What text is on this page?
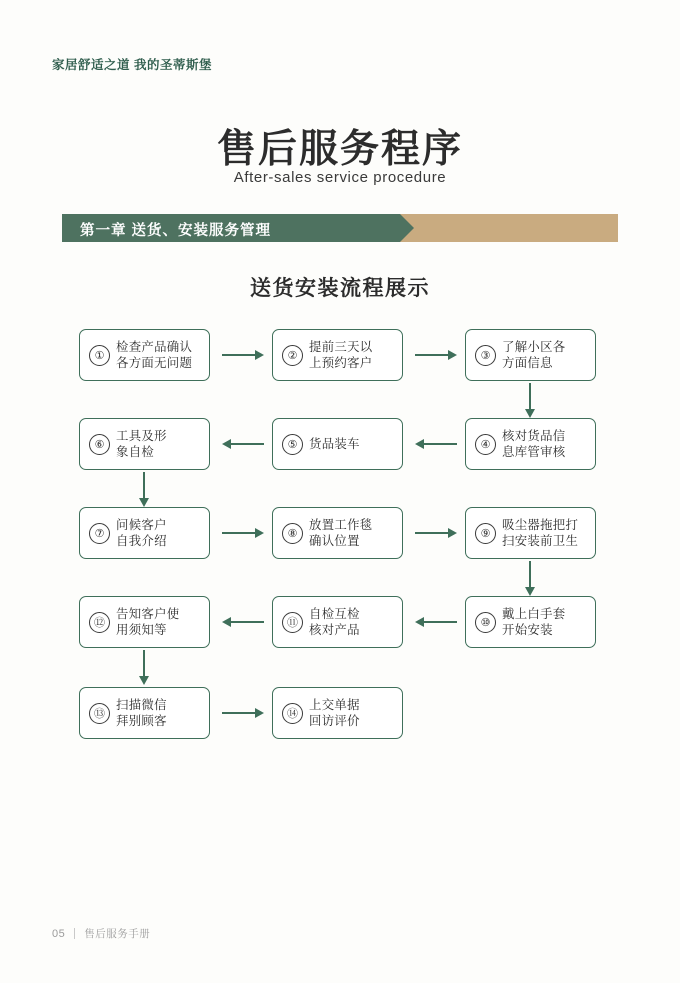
家居舒适之道 我的圣蒂斯堡
售后服务程序
After-sales service procedure
第一章 送货、安装服务管理
送货安装流程展示
①
检查产品确认
各方面无问题
②
提前三天以
上预约客户
③
了解小区各
方面信息
⑥
工具及形
象自检
⑤ 货品装车	④
核对货品信
息库管审核
⑦
问候客户
自我介绍
⑧
放置工作毯
确认位置
⑨
吸尘器拖把打
扫安装前卫生
⑫
告知客户使
用须知等	⑪
自检互检
核对产品
⑩
戴上白手套
开始安装
⑬
扫描微信
拜别顾客	⑭
上交单据
回访评价
05 售后服务手册
